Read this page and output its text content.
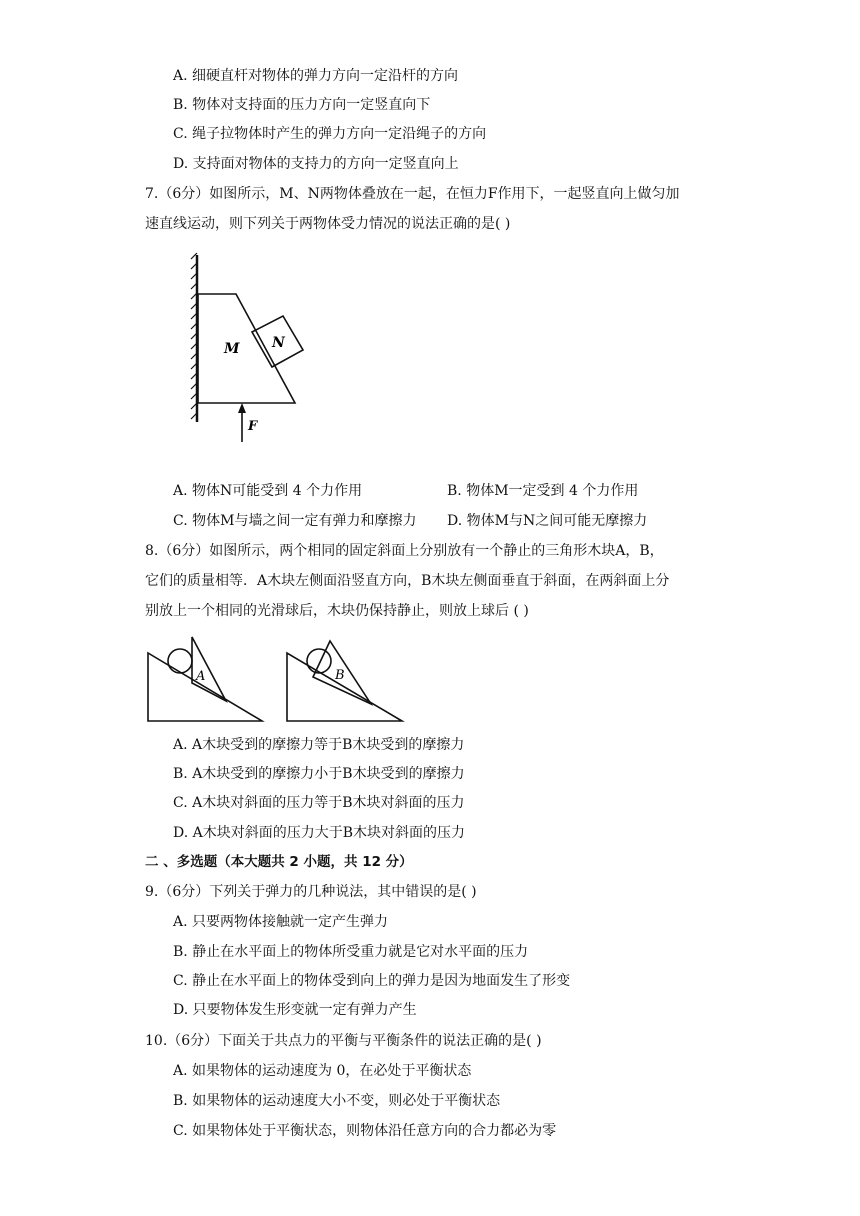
A. 细硬直杆对物体的弹力方向一定沿杆的方向
B. 物体对支持面的压力方向一定竖直向下
C. 绳子拉物体时产生的弹力方向一定沿绳子的方向
D. 支持面对物体的支持力的方向一定竖直向上
7.（6分）如图所示，M、N两物体叠放在一起，在恒力F作用下，一起竖直向上做匀加
速直线运动，则下列关于两物体受力情况的说法正确的是( )
M N
F
A. 物体N可能受到 4 个力作用	B. 物体M一定受到 4 个力作用
C. 物体M与墙之间一定有弹力和摩擦力 D. 物体M与N之间可能无摩擦力
8.（6分）如图所示，两个相同的固定斜面上分别放有一个静止的三角形木块A，B，
它们的质量相等．A木块左侧面沿竖直方向，B木块左侧面垂直于斜面，在两斜面上分
别放上一个相同的光滑球后，木块仍保持静止，则放上球后 ( )
A	B
A. A木块受到的摩擦力等于B木块受到的摩擦力
B. A木块受到的摩擦力小于B木块受到的摩擦力
C. A木块对斜面的压力等于B木块对斜面的压力
D. A木块对斜面的压力大于B木块对斜面的压力
二 、多选题（本大题共 2 小题，共 12 分）
9.（6分）下列关于弹力的几种说法，其中错误的是( )
A. 只要两物体接触就一定产生弹力
B. 静止在水平面上的物体所受重力就是它对水平面的压力
C. 静止在水平面上的物体受到向上的弹力是因为地面发生了形变
D. 只要物体发生形变就一定有弹力产生
10.（6分）下面关于共点力的平衡与平衡条件的说法正确的是( )
A. 如果物体的运动速度为 0，在必处于平衡状态
B. 如果物体的运动速度大小不变，则必处于平衡状态
C. 如果物体处于平衡状态，则物体沿任意方向的合力都必为零
